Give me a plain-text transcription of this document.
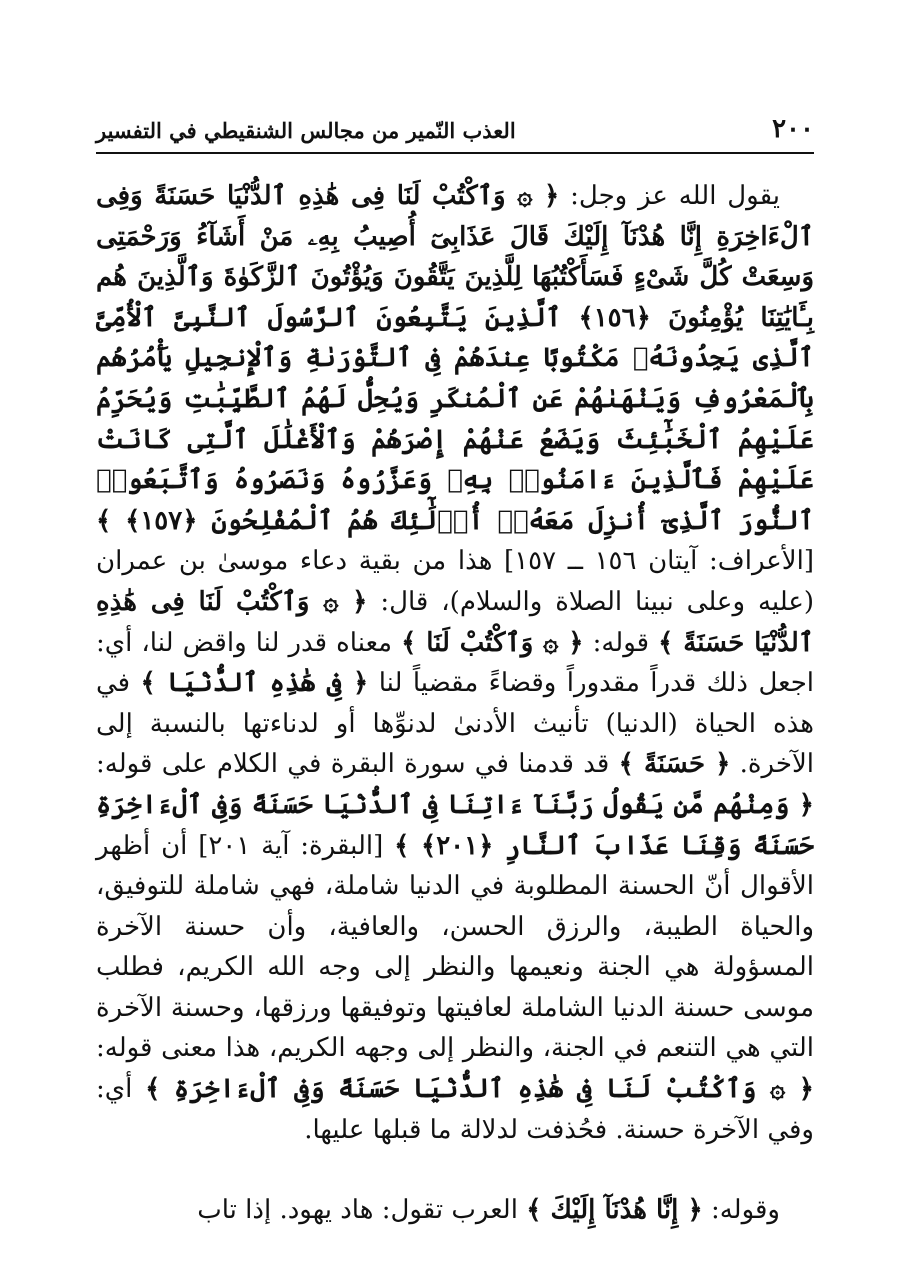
٢٠٠
العذب النّمير من مجالس الشنقيطي في التفسير

يقول الله عز وجل: ﴿ ۞ وَٱكْتُبْ لَنَا فِى هَٰذِهِ ٱلدُّنْيَا حَسَنَةً وَفِى ٱلْءَاخِرَةِ إِنَّا هُدْنَآ إِلَيْكَ قَالَ عَذَابِىٓ أُصِيبُ بِهِۦ مَنْ أَشَآءُ وَرَحْمَتِى وَسِعَتْ كُلَّ شَىْءٍ فَسَأَكْتُبُهَا لِلَّذِينَ يَتَّقُونَ وَيُؤْتُونَ ٱلزَّكَوٰةَ وَٱلَّذِينَ هُم بِـَٔايَٰتِنَا يُؤْمِنُونَ ﴿١٥٦﴾ ٱلَّذِينَ يَتَّبِعُونَ ٱلرَّسُولَ ٱلنَّبِىَّ ٱلْأُمِّىَّ ٱلَّذِى يَجِدُونَهُۥ مَكْتُوبًا عِندَهُمْ فِى ٱلتَّوْرَىٰةِ وَٱلْإِنجِيلِ يَأْمُرُهُم بِٱلْمَعْرُوفِ وَيَنْهَىٰهُمْ عَنِ ٱلْمُنكَرِ وَيُحِلُّ لَهُمُ ٱلطَّيِّبَٰتِ وَيُحَرِّمُ عَلَيْهِمُ ٱلْخَبَٰٓئِثَ وَيَضَعُ عَنْهُمْ إِصْرَهُمْ وَٱلْأَغْلَٰلَ ٱلَّتِى كَانَتْ عَلَيْهِمْ فَٱلَّذِينَ ءَامَنُوا۟ بِهِۦ وَعَزَّرُوهُ وَنَصَرُوهُ وَٱتَّبَعُوا۟ ٱلنُّورَ ٱلَّذِىٓ أُنزِلَ مَعَهُۥٓ أُو۟لَٰٓئِكَ هُمُ ٱلْمُفْلِحُونَ ﴿١٥٧﴾ ﴾ [الأعراف: آيتان ١٥٦ ــ ١٥٧] هذا من بقية دعاء موسىٰ بن عمران (عليه وعلى نبينا الصلاة والسلام)، قال: ﴿ ۞ وَٱكْتُبْ لَنَا فِى هَٰذِهِ ٱلدُّنْيَا حَسَنَةً ﴾ قوله: ﴿ ۞ وَٱكْتُبْ لَنَا ﴾ معناه قدر لنا واقض لنا، أي: اجعل ذلك قدراً مقدوراً وقضاءً مقضياً لنا ﴿ فِى هَٰذِهِ ٱلدُّنْيَا ﴾ في هذه الحياة (الدنيا) تأنيث الأدنىٰ لدنوِّها أو لدناءتها بالنسبة إلى الآخرة. ﴿ حَسَنَةً ﴾ قد قدمنا في سورة البقرة في الكلام على قوله: ﴿ وَمِنْهُم مَّن يَقُولُ رَبَّنَآ ءَاتِنَا فِى ٱلدُّنْيَا حَسَنَةً وَفِى ٱلْءَاخِرَةِ حَسَنَةً وَقِنَا عَذَابَ ٱلنَّارِ ﴿٢٠١﴾ ﴾ [البقرة: آية ٢٠١] أن أظهر الأقوال أنّ الحسنة المطلوبة في الدنيا شاملة، فهي شاملة للتوفيق، والحياة الطيبة، والرزق الحسن، والعافية، وأن حسنة الآخرة المسؤولة هي الجنة ونعيمها والنظر إلى وجه الله الكريم، فطلب موسى حسنة الدنيا الشاملة لعافيتها وتوفيقها ورزقها، وحسنة الآخرة التي هي التنعم في الجنة، والنظر إلى وجهه الكريم، هذا معنى قوله: ﴿ ۞ وَٱكْتُبْ لَنَا فِى هَٰذِهِ ٱلدُّنْيَا حَسَنَةً وَفِى ٱلْءَاخِرَةِ ﴾ أي: وفي الآخرة حسنة. فحُذفت لدلالة ما قبلها عليها.

وقوله: ﴿ إِنَّا هُدْنَآ إِلَيْكَ ﴾ العرب تقول: هاد يهود. إذا تاب
